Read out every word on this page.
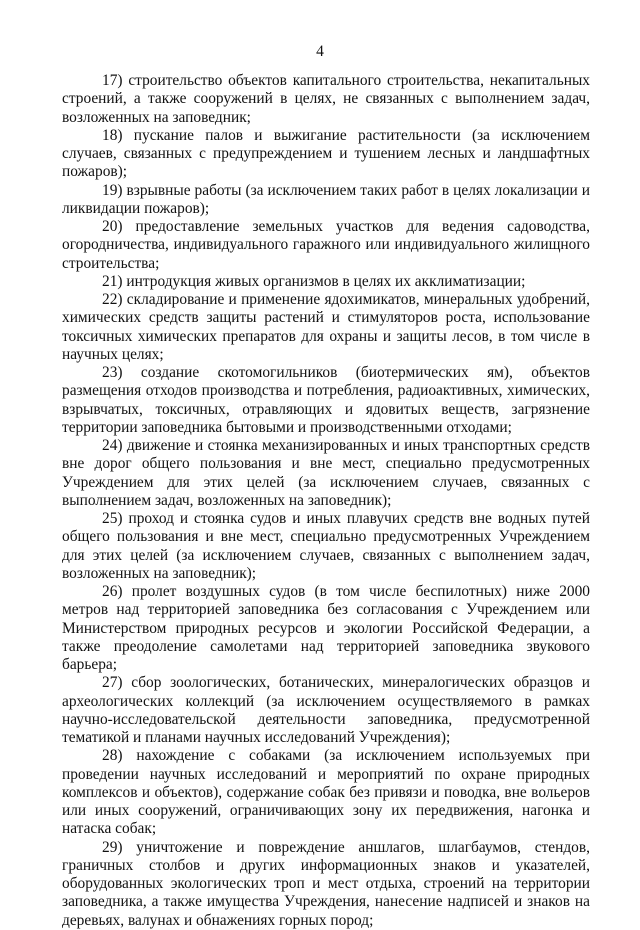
4

17) строительство объектов капитального строительства, некапитальных строений, а также сооружений в целях, не связанных с выполнением задач, возложенных на заповедник;

18) пускание палов и выжигание растительности (за исключением случаев, связанных с предупреждением и тушением лесных и ландшафтных пожаров);

19) взрывные работы (за исключением таких работ в целях локализации и ликвидации пожаров);

20) предоставление земельных участков для ведения садоводства, огородничества, индивидуального гаражного или индивидуального жилищного строительства;

21) интродукция живых организмов в целях их акклиматизации;

22) складирование и применение ядохимикатов, минеральных удобрений, химических средств защиты растений и стимуляторов роста, использование токсичных химических препаратов для охраны и защиты лесов, в том числе в научных целях;

23) создание скотомогильников (биотермических ям), объектов размещения отходов производства и потребления, радиоактивных, химических, взрывчатых, токсичных, отравляющих и ядовитых веществ, загрязнение территории заповедника бытовыми и производственными отходами;

24) движение и стоянка механизированных и иных транспортных средств вне дорог общего пользования и вне мест, специально предусмотренных Учреждением для этих целей (за исключением случаев, связанных с выполнением задач, возложенных на заповедник);

25) проход и стоянка судов и иных плавучих средств вне водных путей общего пользования и вне мест, специально предусмотренных Учреждением для этих целей (за исключением случаев, связанных с выполнением задач, возложенных на заповедник);

26) пролет воздушных судов (в том числе беспилотных) ниже 2000 метров над территорией заповедника без согласования с Учреждением или Министерством природных ресурсов и экологии Российской Федерации, а также преодоление самолетами над территорией заповедника звукового барьера;

27) сбор зоологических, ботанических, минералогических образцов и археологических коллекций (за исключением осуществляемого в рамках научно-исследовательской деятельности заповедника, предусмотренной тематикой и планами научных исследований Учреждения);

28) нахождение с собаками (за исключением используемых при проведении научных исследований и мероприятий по охране природных комплексов и объектов), содержание собак без привязи и поводка, вне вольеров или иных сооружений, ограничивающих зону их передвижения, нагонка и натаска собак;

29) уничтожение и повреждение аншлагов, шлагбаумов, стендов, граничных столбов и других информационных знаков и указателей, оборудованных экологических троп и мест отдыха, строений на территории заповедника, а также имущества Учреждения, нанесение надписей и знаков на деревьях, валунах и обнажениях горных пород;
